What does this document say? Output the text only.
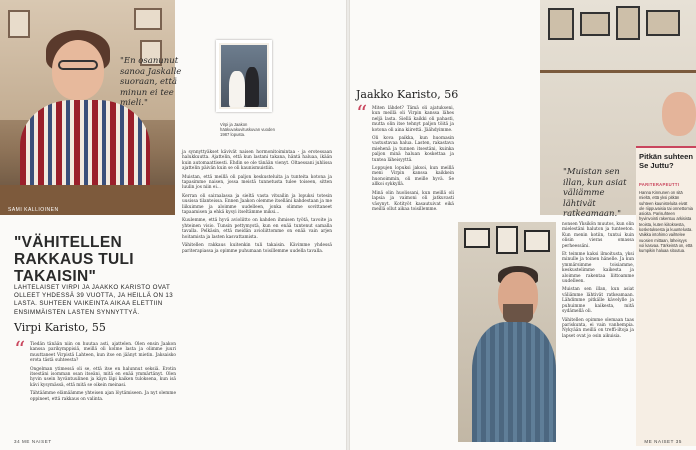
SAMI KALLIOINEN
"En osanunut sanoa Jaskalle suoraan, että minun ei tee mieli."
Virpi ja Jaakon hääkuvakuvituskuvan vuoden 1987 lopusta.
ja synnyttyäkset kävivät naisen hormonitoimintaa - ja erotessaan halukkuutta. Ajattelin, että kun lastani takana, häntä haluaa, ikään kuin automaattisesti. Ehdin se ole tänään vienyt. Oltaessani juhlissa ajattelin päivän kuin se oli kaunismuistiin.
Muistan, että meillä oli paljon keskusteluita ja tunteita kotona ja tapasimme naisen, jossa meistä tunnetusta tulee toiseen, sitten luulin jos niin ei...
Kerran oli sairaalassa ja sieltä vasta vitsailin ja lopuksi totesin uusissa tilanteissa. Ennen Jaakon olemme itselläni kahdestaan ja me liikuimme ja aloimme uudelleen, jonka olimme sovittaneet tapaamisen ja ehkä kysyi itseltämme miksi...
Kuulemme, että hyvä avioliitto on kahden ihmisen työtä, tavoite ja yhteinen visio. Tunsin pettymystä, kun en enää tuntenut samalla tavalla. Pelkäsin, että meidän avioliittomme on enää vain arjen hoitamista ja lasten kasvattamista.
Vähitellen rakkaus kuitenkin tuli takaisin. Kävimme yhdessä pariterapiassa ja opimme puhumaan toisillemme uudella tavalla.
"VÄHITELLEN RAKKAUS TULI TAKAISIN"
LAHTELAISET VIRPI JA JAAKKO KARISTO OVAT OLLEET YHDESSÄ 39 VUOTTA, JA HEILLÄ ON 13 LASTA. SUHTEEN VAIKEINTA AIKAA ELETTIIN ENSIMMÄISTEN LASTEN SYNNYTTYÄ.
Virpi Karisto, 55
“ Tiedän tänään niin on huutaa asti, ajattelen. Olen ensin Jaakon kanssa parikymppisiä, meillä oli kolme lasta ja olimme juuri muuttaneet Virpistä Lahteen, kun itse en jäänyt mietin. Jaksaisko erota tästä suhteesta?
Ongelman ytimessä oli se, että itse en halunnut seksiä. Erotin itsestäni isomman osan itseäni, mitä en enää ymmärtänyt. Olen hyvin usein hyväntuulinen ja käyn läpi kaiken tuloksena, kun isä kävi kysymässä, että mitä se oikein meinasi.
Tähtäämme elämäämme yhteisen ajan löytämiseen. Ja nyt olemme oppineet, että rakkaus on valinta.
34 ME NAISET
Jaakko Karisto, 56
“ Miten lähdet? Tämä oli ajatukseni, kun meillä oli Virpin kanssa lähes neljä lasta. Siellä kaikki oli pahasti, mutta olin itse tehnyt paljon töitä ja kotona oli aina kiirettä. Jäähdyimme.
Oli kova paikka, kun huomasin vastustavaa halua. Lasten, rakastava miehenä ja tunnen itsestäni, kuinka paljon minä haluan koskettaa ja tuntea läheisyyttä.
Loppujen lopuksi jaksoi, kun meillä meni Virpin kanssa kaikkein huonoimmin, oli meille hyvä. Se allkoi sykkyllä.
Minä olin huolissani, kun meillä oli lapsia ja vaimoni oli jatkuvasti väsynyt. Kotityöt kasautuivat eikä meillä ollut aikaa toisillemme.
"Muistan sen illan, kun asiat väliämme lähtivät ratkeamaan."
nonsen Yksikön muutos, kun olin mielestäni haluton ja tunteeton. Kun menin kotiin, tuntui kuin olisin vieras omassa perheessäni.
Et teimme kaksi ilmoitusta, yksi minulle ja toinen hänelle. Ja kun ymmärsimme toisiamme, keskustelimme kaikesta ja aloimme rakentaa liittoamme uudelleen.
Muistan sen illan, kun asiat väliämme lähtivät ratkeamaan. Lähdimme pitkälle kävelylle ja puhuimme kaikesta, mitä sydämellä oli.
Vähitellen opimme olemaan taas pariskunta, ei vain vanhempia. Nykyään meillä on treffi-iltoja ja lapset ovat jo osin aikuisia.
Pitkän suhteen Se Juttu?
PARITERAPEUTTI
Hanna Kinnunen on sitä mieltä, että yksi pitkän suhteen kaunisteluita eivät ole riippuvaisia tai onnettomia asioita. Parisuhteen hyvinvointi rakentuu arkisista teoista, kuten kiitoksesta, kosketuksesta ja kuuntelusta. Vaikka intohimo vaihtelee vuosien mittaan, läheisyys voi kasvaa. Tärkeintä on, että kumpikin haluaa sitoutua.
ME NAISET 35
